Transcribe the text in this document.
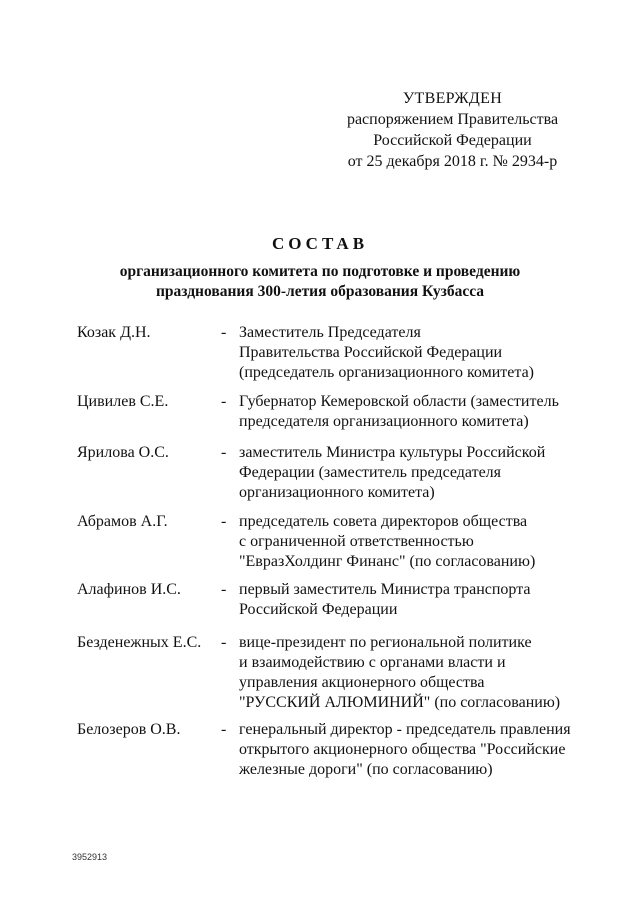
УТВЕРЖДЕН
распоряжением Правительства
Российской Федерации
от 25 декабря 2018 г. № 2934-р
СОСТАВ
организационного комитета по подготовке и проведению
празднования 300-летия образования Кузбасса
Козак Д.Н.	- Заместитель Председателя
Правительства Российской Федерации
(председатель организационного комитета)
Цивилев С.Е.	- Губернатор Кемеровской области (заместитель
председателя организационного комитета)
Ярилова О.С.	- заместитель Министра культуры Российской
Федерации (заместитель председателя
организационного комитета)
Абрамов А.Г.	- председатель совета директоров общества
с ограниченной ответственностью
"ЕвразХолдинг Финанс" (по согласованию)
Алафинов И.С.	- первый заместитель Министра транспорта
Российской Федерации
Безденежных Е.С. - вице-президент по региональной политике
и взаимодействию с органами власти и
управления акционерного общества
"РУССКИЙ АЛЮМИНИЙ" (по согласованию)
Белозеров О.В.	- генеральный директор - председатель правления
открытого акционерного общества "Российские
железные дороги" (по согласованию)
3952913
